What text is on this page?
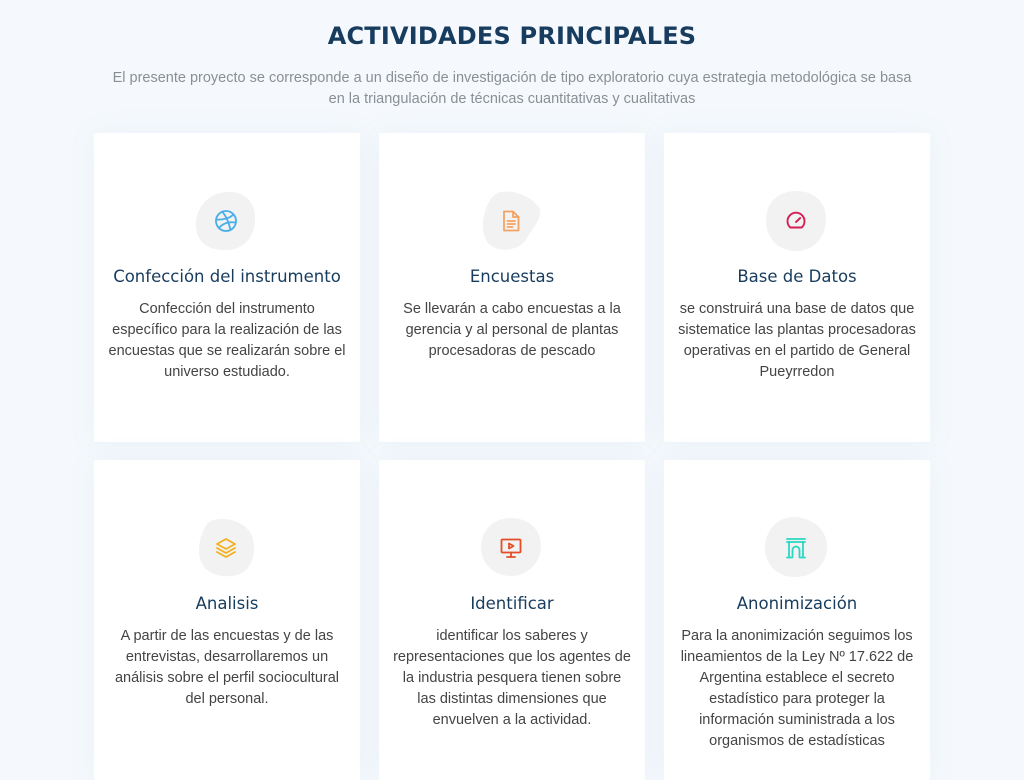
ACTIVIDADES PRINCIPALES
El presente proyecto se corresponde a un diseño de investigación de tipo exploratorio cuya estrategia metodológica se basa en la triangulación de técnicas cuantitativas y cualitativas
Confección del instrumento
Confección del instrumento específico para la realización de las encuestas que se realizarán sobre el universo estudiado.
Encuestas
Se llevarán a cabo encuestas a la gerencia y al personal de plantas procesadoras de pescado
Base de Datos
se construirá una base de datos que sistematice las plantas procesadoras operativas en el partido de General Pueyrredon
Analisis
A partir de las encuestas y de las entrevistas, desarrollaremos un análisis sobre el perfil sociocultural del personal.
Identificar
identificar los saberes y representaciones que los agentes de la industria pesquera tienen sobre las distintas dimensiones que envuelven a la actividad.
Anonimización
Para la anonimización seguimos los lineamientos de la Ley Nº 17.622 de Argentina establece el secreto estadístico para proteger la información suministrada a los organismos de estadísticas
